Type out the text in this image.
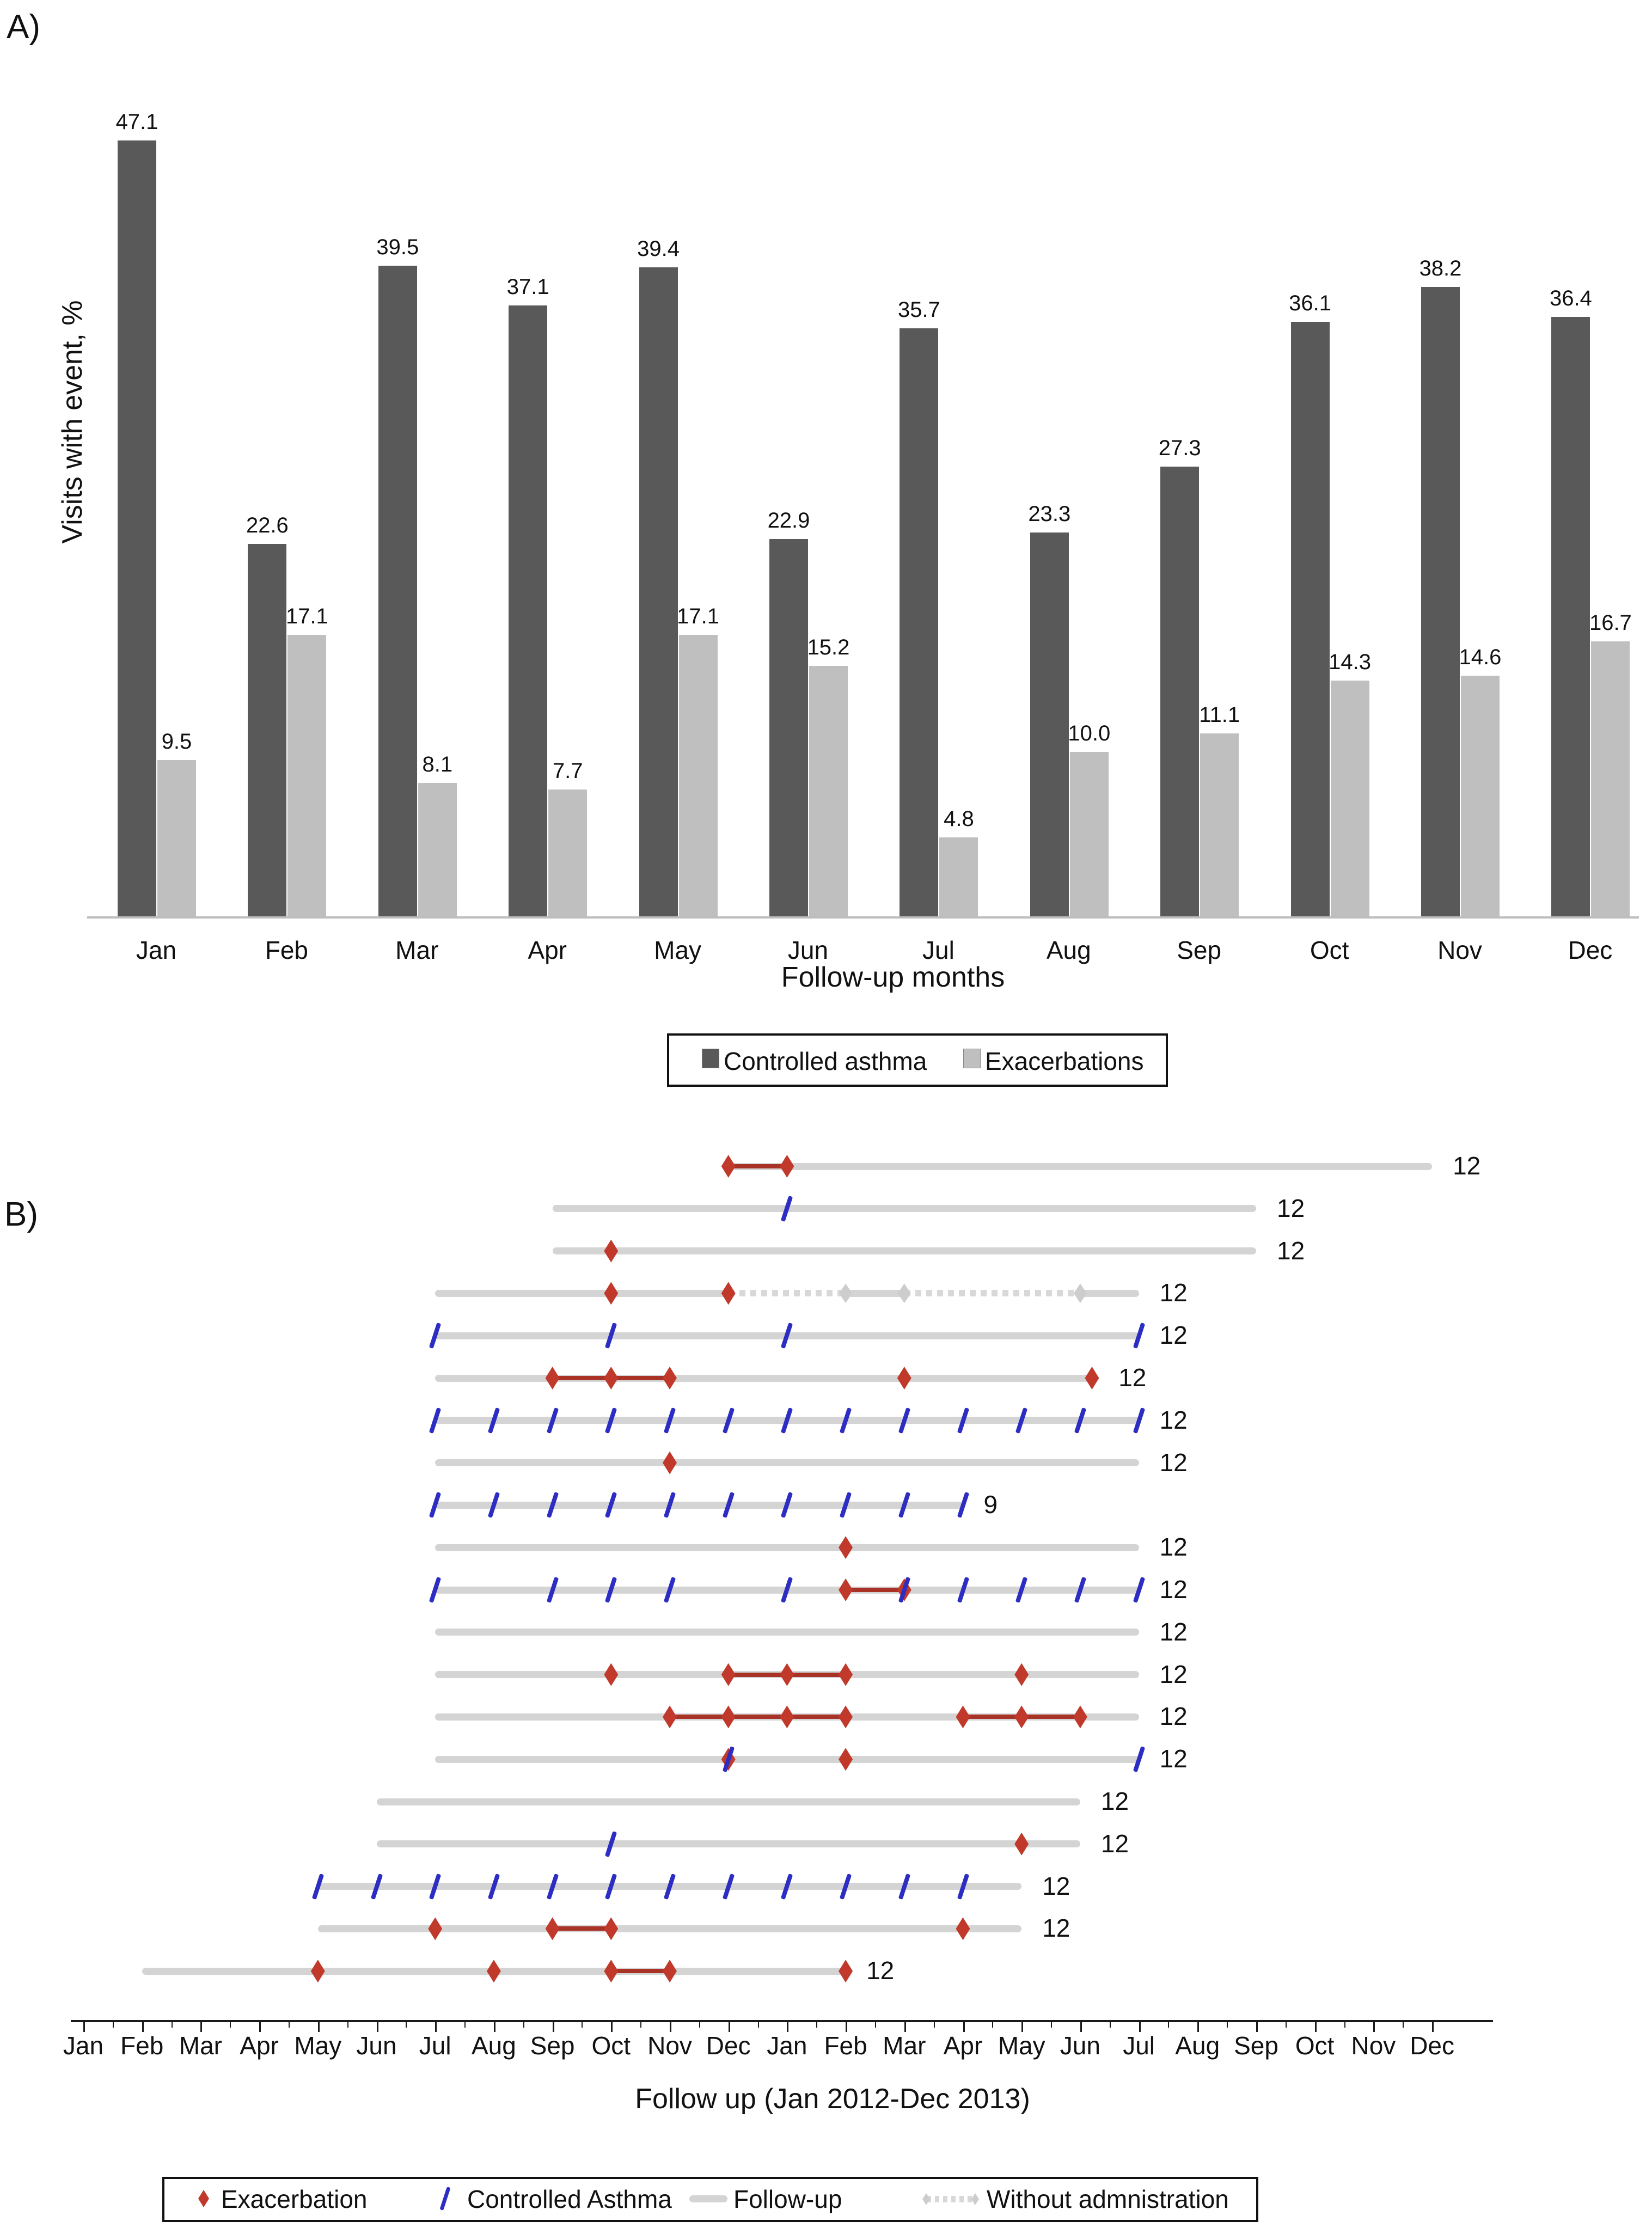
A)
Visits with event, %
Follow-up months
47.1
9.5
Jan
22.6
17.1
Feb
39.5
8.1
Mar
37.1
7.7
Apr
39.4
17.1
May
22.9
15.2
Jun
35.7
4.8
Jul
23.3
10.0
Aug
27.3
11.1
Sep
36.1
14.3
Oct
38.2
14.6
Nov
36.4
16.7
Dec
Controlled asthma Exacerbations
B)
12
12
12
12
12
12
12
12
9
12
12
12
12
12
12
12
12
12
12
12
Jan Feb Mar Apr May Jun Jul Aug Sep Oct Nov Dec Jan Feb Mar Apr May Jun Jul Aug Sep Oct Nov Dec
Follow up (Jan 2012-Dec 2013)
Exacerbation	Controlled Asthma Follow-up	Without admnistration
